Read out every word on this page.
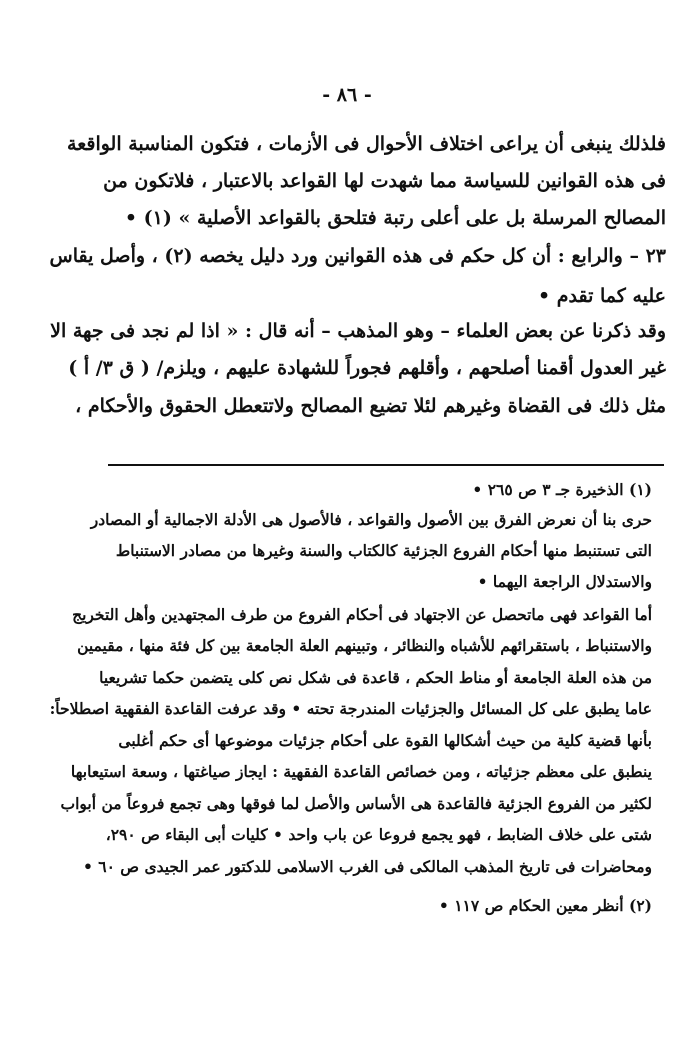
- ٨٦ -
فلذلك ينبغى أن يراعى اختلاف الأحوال فى الأزمات ، فتكون المناسبة الواقعة
فى هذه القوانين للسياسة مما شهدت لها القواعد بالاعتبار ، فلاتكون من
المصالح المرسلة بل على أعلى رتبة فتلحق بالقواعد الأصلية » (١) •
٢٣ – والرابع : أن كل حكم فى هذه القوانين ورد دليل يخصه (٢) ، وأصل يقاس
عليه كما تقدم •
وقد ذكرنا عن بعض العلماء – وهو المذهب – أنه قال : « اذا لم نجد فى جهة الا
غير العدول أقمنا أصلحهم ، وأقلهم فجوراً للشهادة عليهم ، ويلزم/ ( ق ٣/ أ )
مثل ذلك فى القضاة وغيرهم لئلا تضيع المصالح ولاتتعطل الحقوق والأحكام ،
(١) الذخيرة جـ ٣ ص ٢٦٥ •
حرى بنا أن نعرض الفرق بين الأصول والقواعد ، فالأصول هى الأدلة الاجمالية أو المصادر
التى تستنبط منها أحكام الفروع الجزئية كالكتاب والسنة وغيرها من مصادر الاستنباط
والاستدلال الراجعة اليهما •
أما القواعد فهى ماتحصل عن الاجتهاد فى أحكام الفروع من طرف المجتهدين وأهل التخريج
والاستنباط ، باستقرائهم للأشباه والنظائر ، وتبينهم العلة الجامعة بين كل فئة منها ، مقيمين
من هذه العلة الجامعة أو مناط الحكم ، قاعدة فى شكل نص كلى يتضمن حكما تشريعيا
عاما يطبق على كل المسائل والجزئيات المندرجة تحته • وقد عرفت القاعدة الفقهية اصطلاحاً:
بأنها قضية كلية من حيث أشكالها القوة على أحكام جزئيات موضوعها أى حكم أغلبى
ينطبق على معظم جزئياته ، ومن خصائص القاعدة الفقهية : ايجاز صياغتها ، وسعة استيعابها
لكثير من الفروع الجزئية فالقاعدة هى الأساس والأصل لما فوقها وهى تجمع فروعاً من أبواب
شتى على خلاف الضابط ، فهو يجمع فروعا عن باب واحد • كليات أبى البقاء ص ٢٩٠،
ومحاضرات فى تاريخ المذهب المالكى فى الغرب الاسلامى للدكتور عمر الجيدى ص ٦٠ •
(٢) أنظر معين الحكام ص ١١٧ •
